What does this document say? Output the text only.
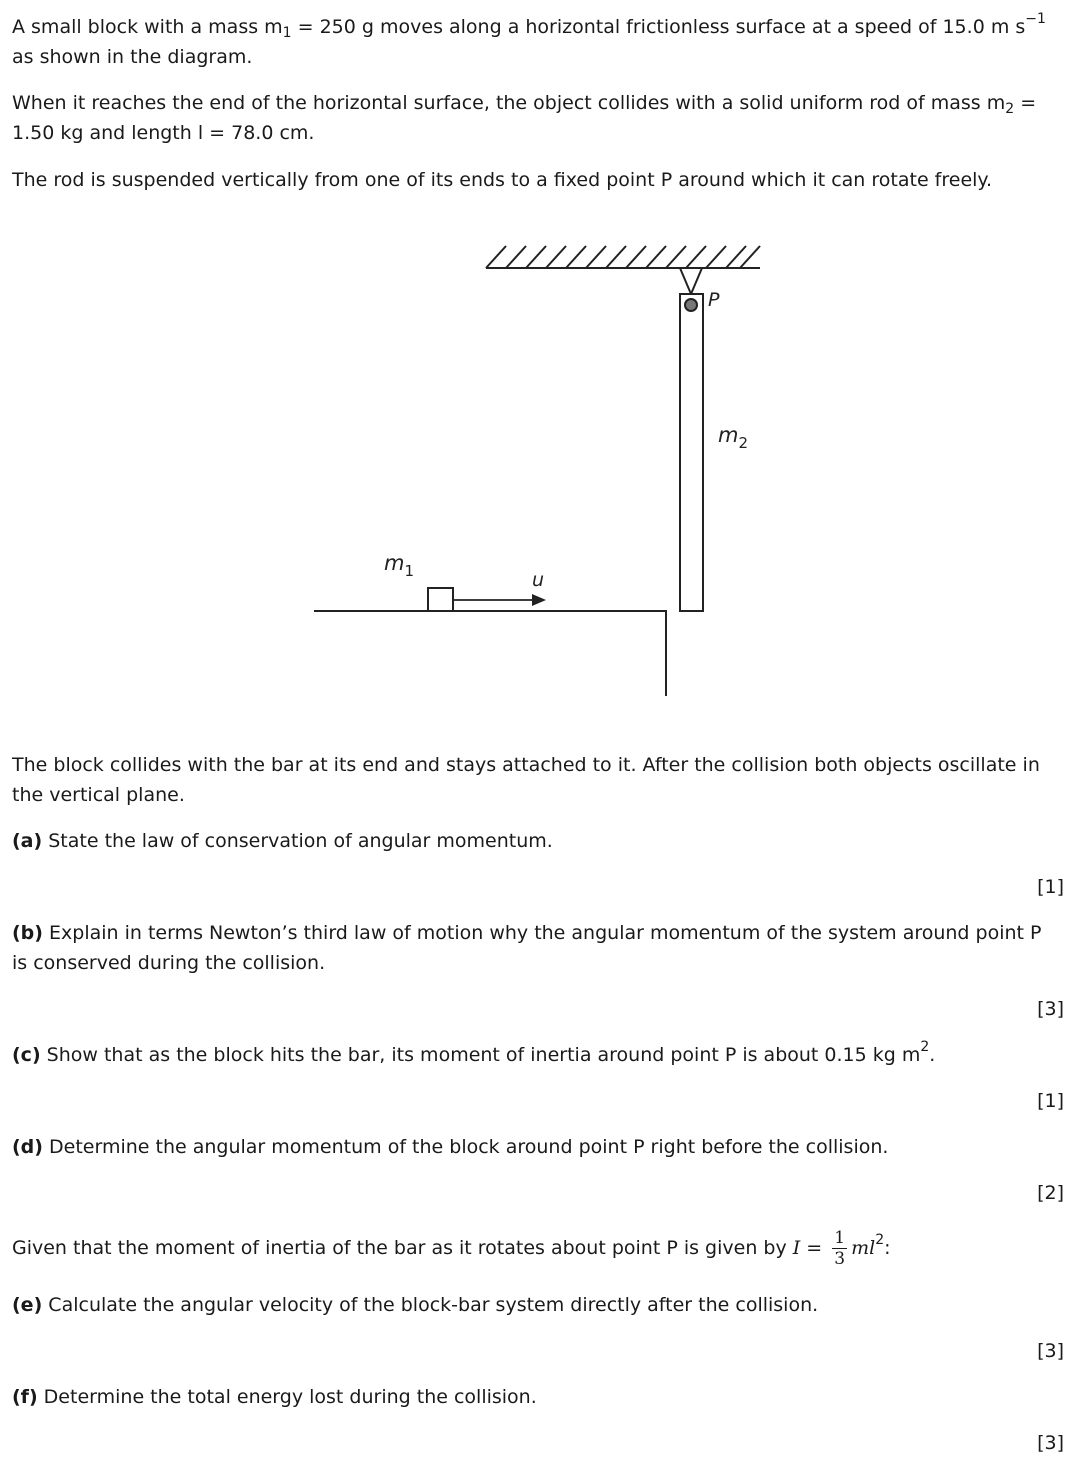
A small block with a mass $m_1 = 250$ g moves along a horizontal frictionless surface at a speed of 15.0 m $s^{-1}$ as shown in the diagram.

When it reaches the end of the horizontal surface, the object collides with a solid uniform rod of mass $m_2 = 1.50$ kg and length l = 78.0 cm.

The rod is suspended vertically from one of its ends to a fixed point P around which it can rotate freely.

P
$m_2$
$m_1$	u

The block collides with the bar at its end and stays attached to it. After the collision both objects oscillate in the vertical plane.

(a) State the law of conservation of angular momentum.

[1]

(b) Explain in terms Newton’s third law of motion why the angular momentum of the system around point P is conserved during the collision.

[3]

(c) Show that as the block hits the bar, its moment of inertia around point P is about 0.15 kg $m^2$.

[1]

(d) Determine the angular momentum of the block around point P right before the collision.

[2]

Given that the moment of inertia of the bar as it rotates about point P is given by $I = \frac{1}{3} ml^2$:

(e) Calculate the angular velocity of the block-bar system directly after the collision.

[3]

(f) Determine the total energy lost during the collision.

[3]
